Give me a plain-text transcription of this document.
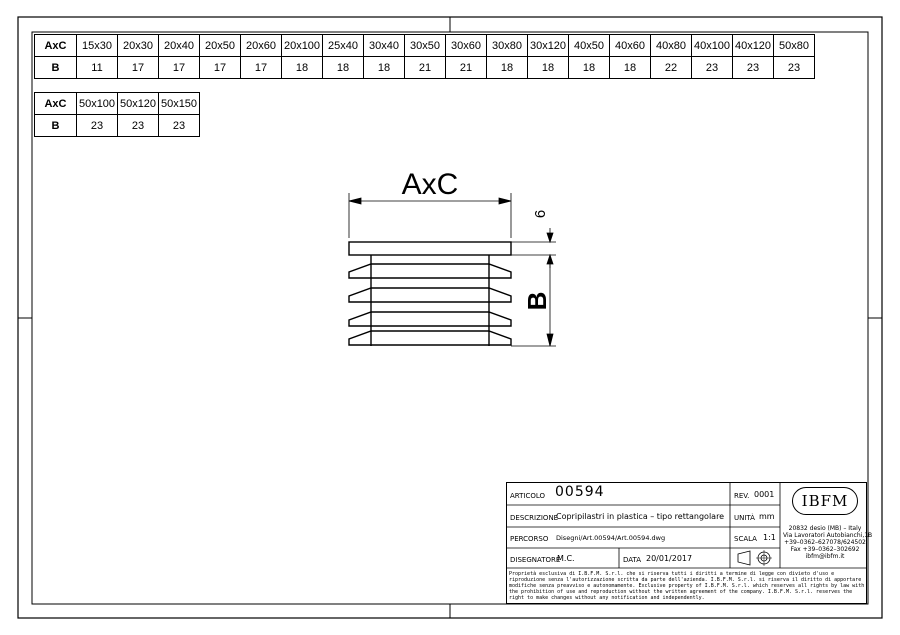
AxC
6
B
AxC	15x30	20x30	20x40	20x50	20x60	20x100	25x40	30x40	30x50	30x60	30x80	30x120	40x50	40x60	40x80	40x100	40x120	50x80
B	11	17	17	17	17	18	18	18	21	21	18	18	18	18	22	23	23	23
AxC	50x100	50x120	50x150
B	23	23	23
ARTICOLO 00594	REV. 0001
DESCRIZIONE
Copripilastri in plastica – tipo rettangolare UNITÀ mm
PERCORSO Disegni/Art.00594/Art.00594.dwg	SCALA 1:1
DISEGNATORE
M.C.	DATA 20/01/2017
IBFM
20832 desio (MB) – Italy
Via Lavoratori Autobianchi,1B
+39–0362–627078/624502
Fax +39–0362–302692
ibfm@ibfm.it
Proprietà esclusiva di I.B.F.M. S.r.l. che si riserva tutti i diritti a termine di legge con divieto d'uso e riproduzione senza l'autorizzazione scritta da parte dell'azienda. I.B.F.M. S.r.l. si riserva il diritto di apportare modifiche senza preavviso e autonomamente. Exclusive property of I.B.F.M. S.r.l. which reserves all rights by law with the prohibition of use and reproduction without the written agreement of the company. I.B.F.M. S.r.l. reserves the right to make changes without any notification and independently.
